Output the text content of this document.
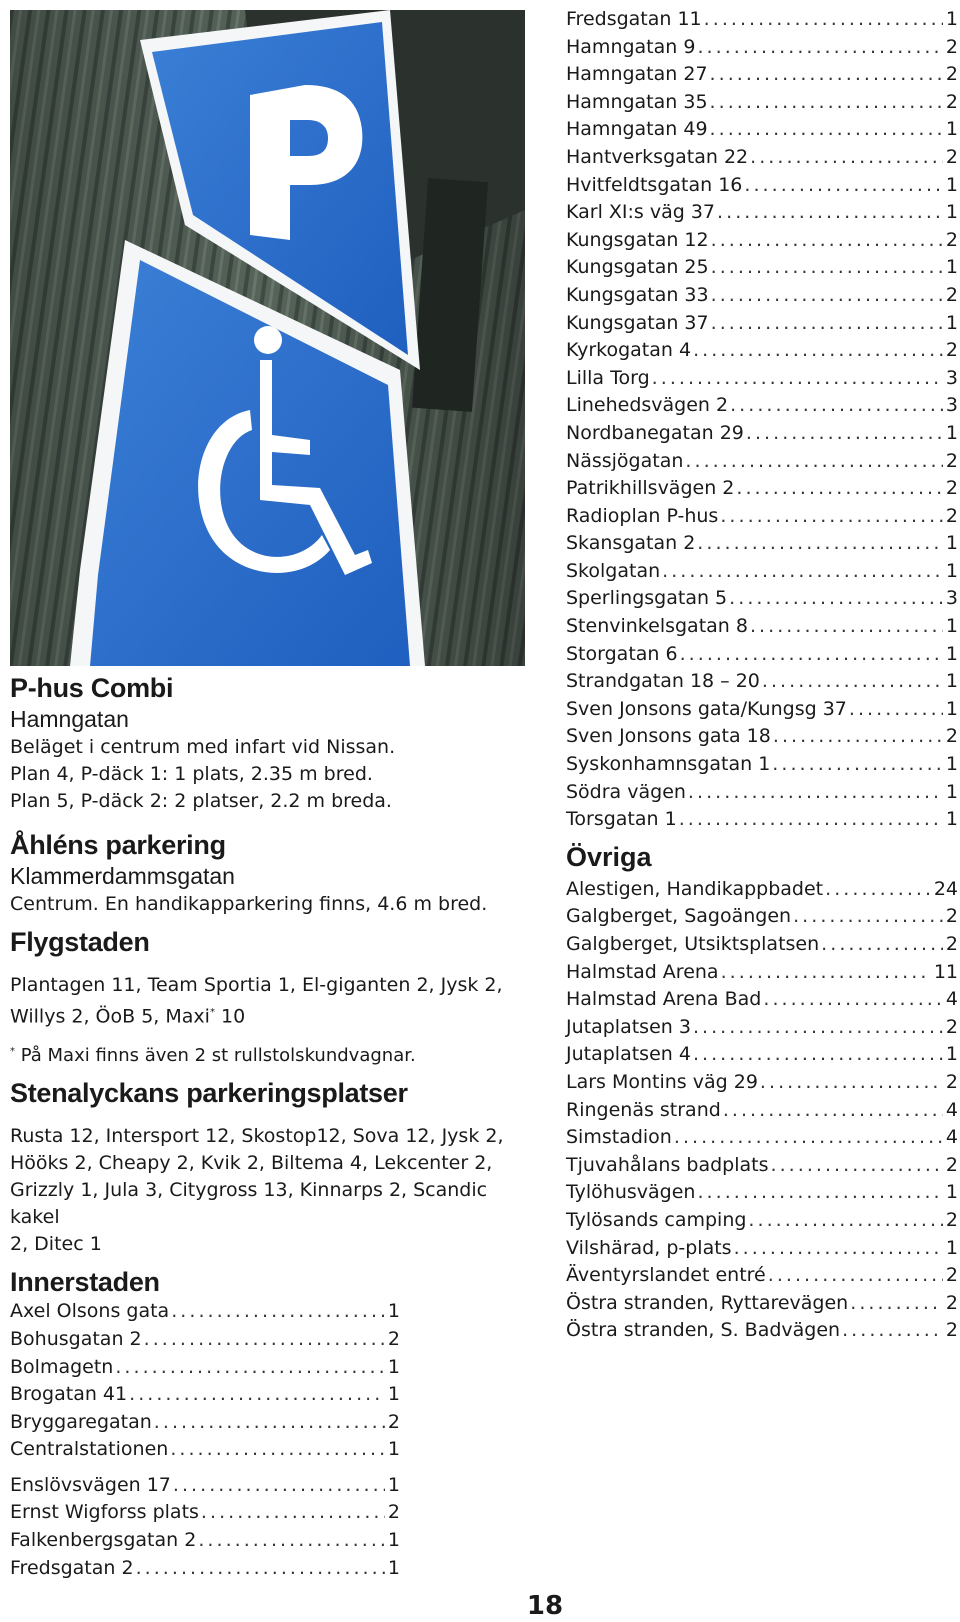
P-hus Combi

Hamngatan

Beläget i centrum med infart vid Nissan.

Plan 4, P-däck 1: 1 plats, 2.35 m bred.

Plan 5, P-däck 2: 2 platser, 2.2 m breda.

Åhléns parkering

Klammerdammsgatan

Centrum. En handikapparkering finns, 4.6 m bred.

Flygstaden

Plantagen 11, Team Sportia 1, El-giganten 2, Jysk 2,

Willys 2, ÖoB 5, Maxi* 10

* På Maxi finns även 2 st rullstolskundvagnar.

Stenalyckans parkeringsplatser

Rusta 12, Intersport 12, Skostop12, Sova 12, Jysk 2,

Hööks 2, Cheapy 2, Kvik 2, Biltema 4, Lekcenter 2,

Grizzly 1, Jula 3, Citygross 13, Kinnarps 2, Scandic kakel

2, Ditec 1

Innerstaden

Axel Olsons gata . . .	1
Bohusgatan 2 . . .	2
Bolmagetn . . .	1
Brogatan 41 . . .	1
Bryggaregatan . . .	2
Centralstationen . . .	1
Enslövsvägen 17 . . .	1
Ernst Wigforss plats . . .	2
Falkenbergsgatan 2 . . .	1
Fredsgatan 2 . . .	1
Fredsgatan 11 . . .	1
Hamngatan 9 . . .	2
Hamngatan 27 . . .	2
Hamngatan 35 . . .	2
Hamngatan 49 . . .	1
Hantverksgatan 22 . . .	2
Hvitfeldtsgatan 16 . . .	1
Karl XI:s väg 37 . . .	1
Kungsgatan 12 . . .	2
Kungsgatan 25 . . .	1
Kungsgatan 33 . . .	2
Kungsgatan 37 . . .	1
Kyrkogatan 4 . . .	2
Lilla Torg . . .	3
Linehedsvägen 2 . . .	3
Nordbanegatan 29 . . .	1
Nässjögatan . . .	2
Patrikhillsvägen 2 . . .	2
Radioplan P-hus . . .	2
Skansgatan 2 . . .	1
Skolgatan . . .	1
Sperlingsgatan 5 . . .	3
Stenvinkelsgatan 8 . . .	1
Storgatan 6 . . .	1
Strandgatan 18 – 20 . . .	1
Sven Jonsons gata/Kungsg 37 . . .	1
Sven Jonsons gata 18 . . .	2
Syskonhamnsgatan 1 . . .	1
Södra vägen . . .	1
Torsgatan 1 . . .	1

Övriga

Alestigen, Handikappbadet . . .	24
Galgberget, Sagoängen . . .	2
Galgberget, Utsiktsplatsen . . .	2
Halmstad Arena . . .	11
Halmstad Arena Bad . . .	4
Jutaplatsen 3 . . .	2
Jutaplatsen 4 . . .	1
Lars Montins väg 29 . . .	2
Ringenäs strand . . .	4
Simstadion . . .	4
Tjuvahålans badplats . . .	2
Tylöhusvägen . . .	1
Tylösands camping . . .	2
Vilshärad, p-plats . . .	1
Äventyrslandet entré . . .	2
Östra stranden, Ryttarevägen . . .	2
Östra stranden, S. Badvägen . . .	2
18
